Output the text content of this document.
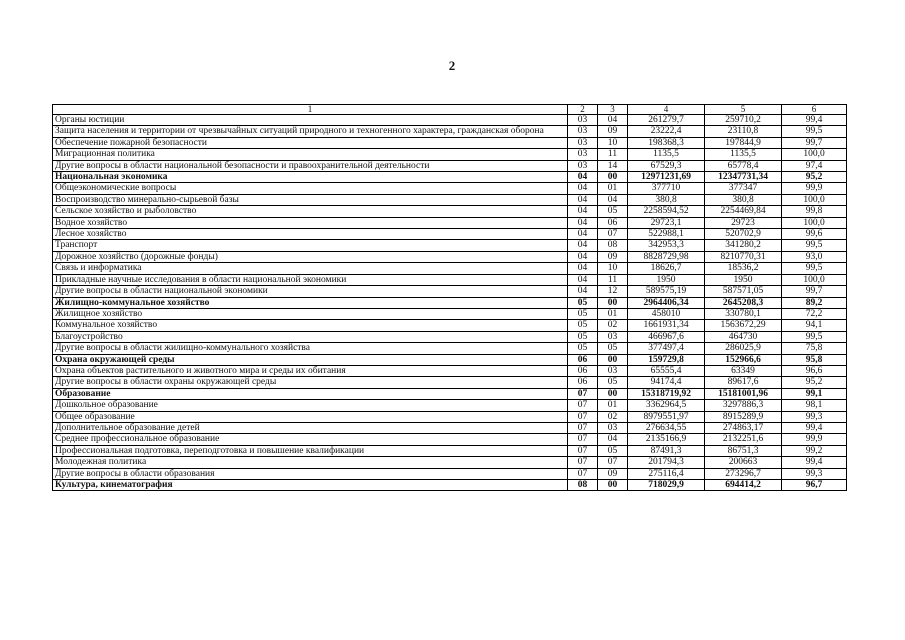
2
1	2	3	4	5	6
Органы юстиции	03	04	261279,7	259710,2	99,4
Защита населения и территории от чрезвычайных ситуаций природного и техногенного характера, гражданская оборона	03	09	23222,4	23110,8	99,5
Обеспечение пожарной безопасности	03	10	198368,3	197844,9	99,7
Миграционная политика	03	11	1135,5	1135,5	100,0
Другие вопросы в области национальной безопасности и правоохранительной деятельности	03	14	67529,3	65778,4	97,4
Национальная экономика	04	00	12971231,69	12347731,34	95,2
Общеэкономические вопросы	04	01	377710	377347	99,9
Воспроизводство минерально-сырьевой базы	04	04	380,8	380,8	100,0
Сельское хозяйство и рыболовство	04	05	2258594,52	2254469,84	99,8
Водное хозяйство	04	06	29723,1	29723	100,0
Лесное хозяйство	04	07	522988,1	520702,9	99,6
Транспорт	04	08	342953,3	341280,2	99,5
Дорожное хозяйство (дорожные фонды)	04	09	8828729,98	8210770,31	93,0
Связь и информатика	04	10	18626,7	18536,2	99,5
Прикладные научные исследования в области национальной экономики	04	11	1950	1950	100,0
Другие вопросы в области национальной экономики	04	12	589575,19	587571,05	99,7
Жилищно-коммунальное хозяйство	05	00	2964406,34	2645208,3	89,2
Жилищное хозяйство	05	01	458010	330780,1	72,2
Коммунальное хозяйство	05	02	1661931,34	1563672,29	94,1
Благоустройство	05	03	466967,6	464730	99,5
Другие вопросы в области жилищно-коммунального хозяйства	05	05	377497,4	286025,9	75,8
Охрана окружающей среды	06	00	159729,8	152966,6	95,8
Охрана объектов растительного и животного мира и среды их обитания	06	03	65555,4	63349	96,6
Другие вопросы в области охраны окружающей среды	06	05	94174,4	89617,6	95,2
Образование	07	00	15318719,92	15181001,96	99,1
Дошкольное образование	07	01	3362964,5	3297886,3	98,1
Общее образование	07	02	8979551,97	8915289,9	99,3
Дополнительное образование детей	07	03	276634,55	274863,17	99,4
Среднее профессиональное образование	07	04	2135166,9	2132251,6	99,9
Профессиональная подготовка, переподготовка и повышение квалификации	07	05	87491,3	86751,3	99,2
Молодежная политика	07	07	201794,3	200663	99,4
Другие вопросы в области образования	07	09	275116,4	273296,7	99,3
Культура, кинематография	08	00	718029,9	694414,2	96,7
